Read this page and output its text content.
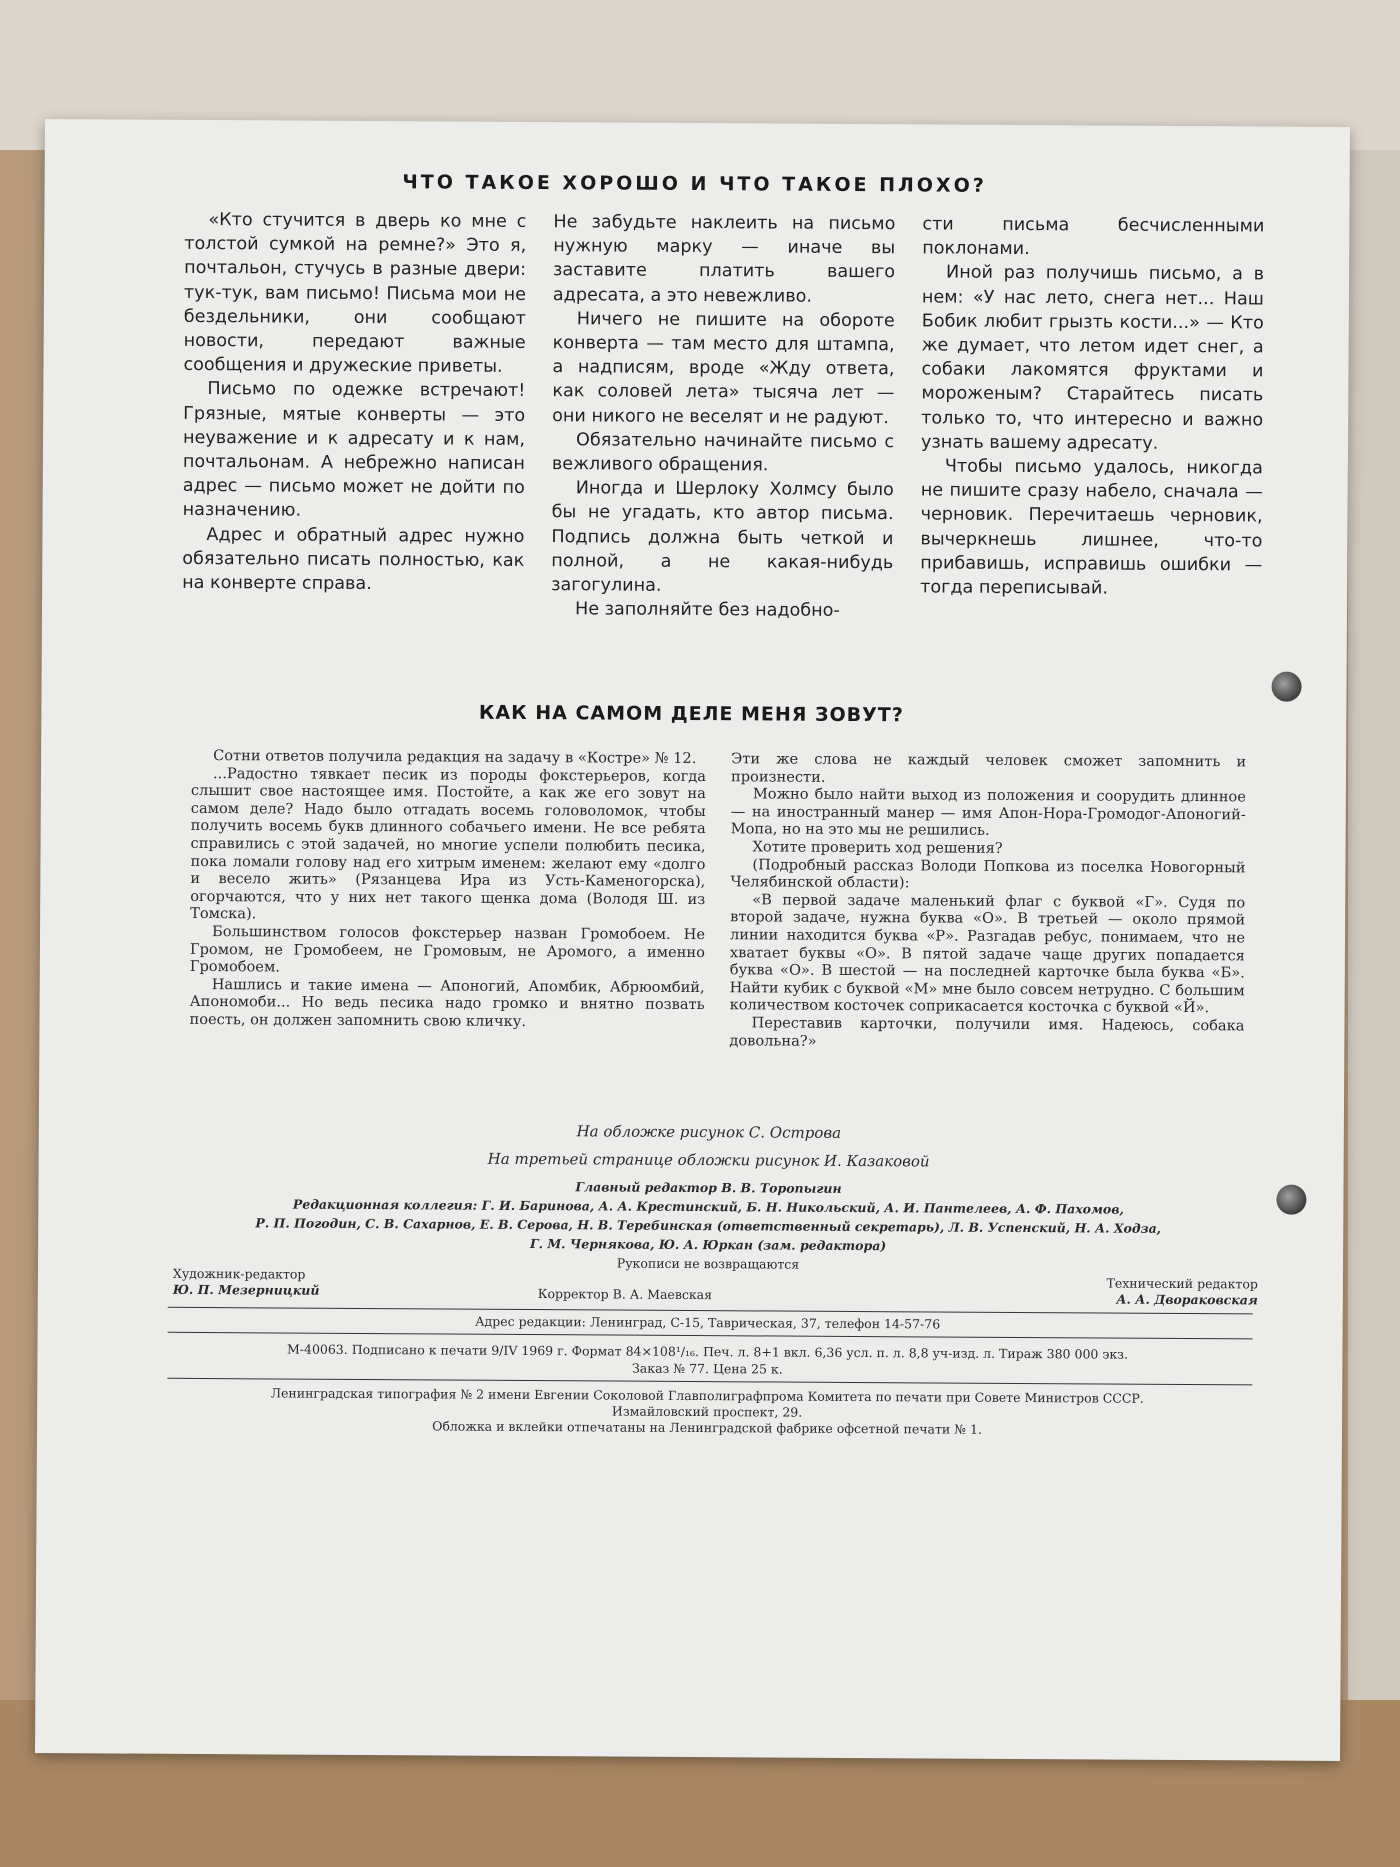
ЧТО ТАКОЕ ХОРОШО И ЧТО ТАКОЕ ПЛОХО?

«Кто стучится в дверь ко мне с толстой сумкой на ремне?» Это я, почтальон, стучусь в разные двери: тук-тук, вам письмо! Письма мои не бездельники, они сообщают новости, передают важные сообщения и дружеские приветы.

Письмо по одежке встречают! Грязные, мятые конверты — это неуважение и к адресату и к нам, почтальонам. А небрежно написан адрес — письмо может не дойти по назначению.

Адрес и обратный адрес нужно обязательно писать полностью, как на конверте справа.

Не забудьте наклеить на письмо нужную марку — иначе вы заставите платить вашего адресата, а это невежливо.

Ничего не пишите на обороте конверта — там место для штампа, а надписям, вроде «Жду ответа, как соловей лета» тысяча лет — они никого не веселят и не радуют.

Обязательно начинайте письмо с вежливого обращения.

Иногда и Шерлоку Холмсу было бы не угадать, кто автор письма. Подпись должна быть четкой и полной, а не какая-нибудь загогулина.

Не заполняйте без надобно-

сти письма бесчисленными поклонами.

Иной раз получишь письмо, а в нем: «У нас лето, снега нет... Наш Бобик любит грызть кости...» — Кто же думает, что летом идет снег, а собаки лакомятся фруктами и мороженым? Старайтесь писать только то, что интересно и важно узнать вашему адресату.

Чтобы письмо удалось, никогда не пишите сразу набело, сначала — черновик. Перечитаешь черновик, вычеркнешь лишнее, что-то прибавишь, исправишь ошибки — тогда переписывай.

КАК НА САМОМ ДЕЛЕ МЕНЯ ЗОВУТ?

Сотни ответов получила редакция на задачу в «Костре» № 12.

...Радостно тявкает песик из породы фокстерьеров, когда слышит свое настоящее имя. Постойте, а как же его зовут на самом деле? Надо было отгадать восемь головоломок, чтобы получить восемь букв длинного собачьего имени. Не все ребята справились с этой задачей, но многие успели полюбить песика, пока ломали голову над его хитрым именем: желают ему «долго и весело жить» (Рязанцева Ира из Усть-Каменогорска), огорчаются, что у них нет такого щенка дома (Володя Ш. из Томска).

Большинством голосов фокстерьер назван Громобоем. Не Громом, не Громобеем, не Громовым, не Аромого, а именно Громобоем.

Нашлись и такие имена — Апоногий, Апомбик, Абрюомбий, Апономоби... Но ведь песика надо громко и внятно позвать поесть, он должен запомнить свою кличку.

Эти же слова не каждый человек сможет запомнить и произнести.

Можно было найти выход из положения и соорудить длинное — на иностранный манер — имя Апон-Нора-Громодог-Апоногий-Мопа, но на это мы не решились.

Хотите проверить ход решения?

(Подробный рассказ Володи Попкова из поселка Новогорный Челябинской области):

«В первой задаче маленький флаг с буквой «Г». Судя по второй задаче, нужна буква «О». В третьей — около прямой линии находится буква «Р». Разгадав ребус, понимаем, что не хватает буквы «О». В пятой задаче чаще других попадается буква «О». В шестой — на последней карточке была буква «Б». Найти кубик с буквой «М» мне было совсем нетрудно. С большим количеством косточек соприкасается косточка с буквой «Й».

Переставив карточки, получили имя. Надеюсь, собака довольна?»

На обложке рисунок С. Острова
На третьей странице обложки рисунок И. Казаковой
Главный редактор В. В. Торопыгин
Редакционная коллегия: Г. И. Баринова, А. А. Крестинский, Б. Н. Никольский, А. И. Пантелеев, А. Ф. Пахомов,
Р. П. Погодин, С. В. Сахарнов, Е. В. Серова, Н. В. Теребинская (ответственный секретарь), Л. В. Успенский, Н. А. Ходза,
Г. М. Чернякова, Ю. А. Юркан (зам. редактора)
Рукописи не возвращаются
Художник-редактор
Ю. П. Мезерницкий	Корректор В. А. Маевская
Технический редактор
А. А. Двораковская
Адрес редакции: Ленинград, С-15, Таврическая, 37, телефон 14-57-76
М-40063. Подписано к печати 9/IV 1969 г. Формат 84×108¹/₁₆. Печ. л. 8+1 вкл. 6,36 усл. п. л. 8,8 уч-изд. л. Тираж 380 000 экз.
Заказ № 77. Цена 25 к.
Ленинградская типография № 2 имени Евгении Соколовой Главполиграфпрома Комитета по печати при Совете Министров СССР.
Измайловский проспект, 29.
Обложка и вклейки отпечатаны на Ленинградской фабрике офсетной печати № 1.
